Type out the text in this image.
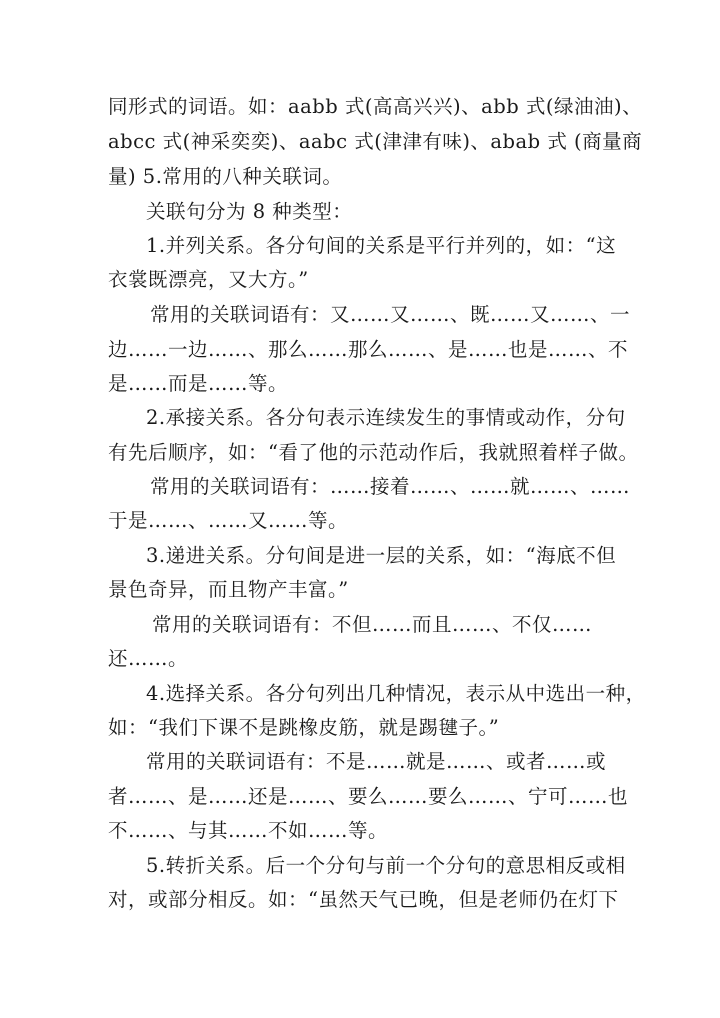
同形式的词语。如：aabb 式(高高兴兴)、abb 式(绿油油)、
abcc 式(神采奕奕)、aabc 式(津津有味)、abab 式 (商量商
量) 5.常用的八种关联词。
关联句分为 8 种类型：
1.并列关系。各分句间的关系是平行并列的，如：“这
衣裳既漂亮，又大方。”
常用的关联词语有：又……又……、既……又……、一
边……一边……、那么……那么……、是……也是……、不
是……而是……等。
2.承接关系。各分句表示连续发生的事情或动作，分句
有先后顺序，如：“看了他的示范动作后，我就照着样子做。
常用的关联词语有：……接着……、……就……、……
于是……、……又……等。
3.递进关系。分句间是进一层的关系，如：“海底不但
景色奇异，而且物产丰富。”
常用的关联词语有：不但……而且……、不仅……
还……。
4.选择关系。各分句列出几种情况，表示从中选出一种，
如：“我们下课不是跳橡皮筋，就是踢毽子。”
常用的关联词语有：不是……就是……、或者……或
者……、是……还是……、要么……要么……、宁可……也
不……、与其……不如……等。
5.转折关系。后一个分句与前一个分句的意思相反或相
对，或部分相反。如：“虽然天气已晚，但是老师仍在灯下
